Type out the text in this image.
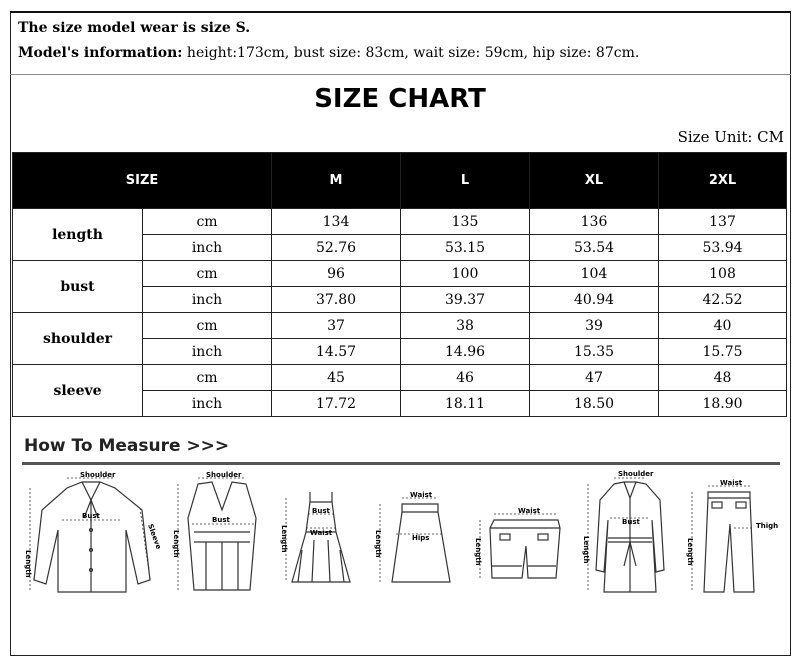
The size model wear is size S.
Model's information: height:173cm, bust size: 83cm, wait size: 59cm, hip size: 87cm.
SIZE CHART
Size Unit: CM
SIZE		M	L	XL	2XL
length	cm	134	135	136	137
	inch	52.76	53.15	53.54	53.94
bust	cm	96	100	104	108
	inch	37.80	39.37	40.94	42.52
shoulder	cm	37	38	39	40
	inch	14.57	14.96	15.35	15.75
sleeve	cm	45	46	47	48
	inch	17.72	18.11	18.50	18.90
How To Measure >>>
Shoulder
Bust
Length
Sleeve
Shoulder
Bust
Length
Bust
Waist
Length
Waist
Hips
Length
Waist
Length
Shoulder
Bust
Length
Waist
Thigh
Length
